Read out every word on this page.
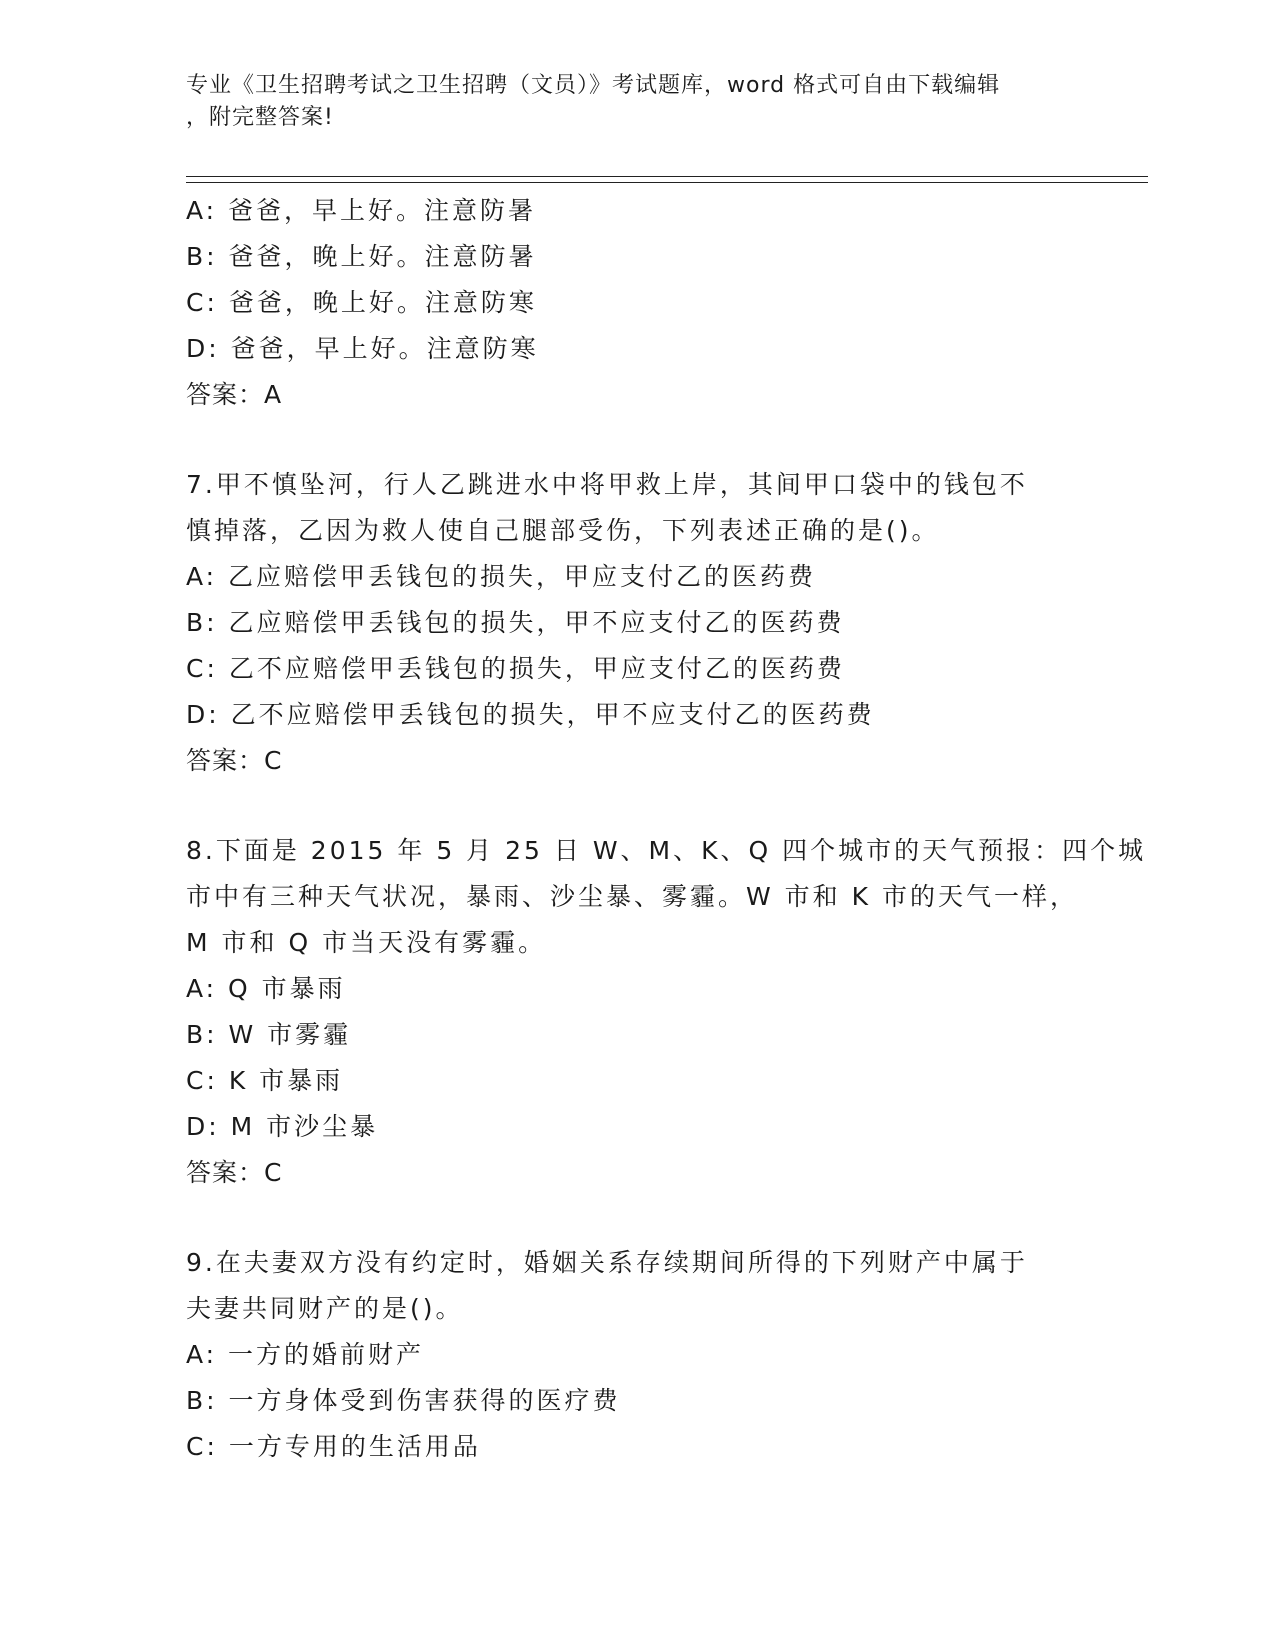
专业《卫生招聘考试之卫生招聘（文员）》考试题库，word 格式可自由下载编辑
，附完整答案!
A: 爸爸，早上好。注意防暑
B: 爸爸，晚上好。注意防暑
C: 爸爸，晚上好。注意防寒
D: 爸爸，早上好。注意防寒
答案：A
7.甲不慎坠河，行人乙跳进水中将甲救上岸，其间甲口袋中的钱包不
慎掉落，乙因为救人使自己腿部受伤，下列表述正确的是()。
A: 乙应赔偿甲丢钱包的损失，甲应支付乙的医药费
B: 乙应赔偿甲丢钱包的损失，甲不应支付乙的医药费
C: 乙不应赔偿甲丢钱包的损失，甲应支付乙的医药费
D: 乙不应赔偿甲丢钱包的损失，甲不应支付乙的医药费
答案：C
8.下面是 2015 年 5 月 25 日 W、M、K、Q 四个城市的天气预报：四个城
市中有三种天气状况，暴雨、沙尘暴、雾霾。W 市和 K 市的天气一样，
M 市和 Q 市当天没有雾霾。
A: Q 市暴雨
B: W 市雾霾
C: K 市暴雨
D: M 市沙尘暴
答案：C
9.在夫妻双方没有约定时，婚姻关系存续期间所得的下列财产中属于
夫妻共同财产的是()。
A: 一方的婚前财产
B: 一方身体受到伤害获得的医疗费
C: 一方专用的生活用品
